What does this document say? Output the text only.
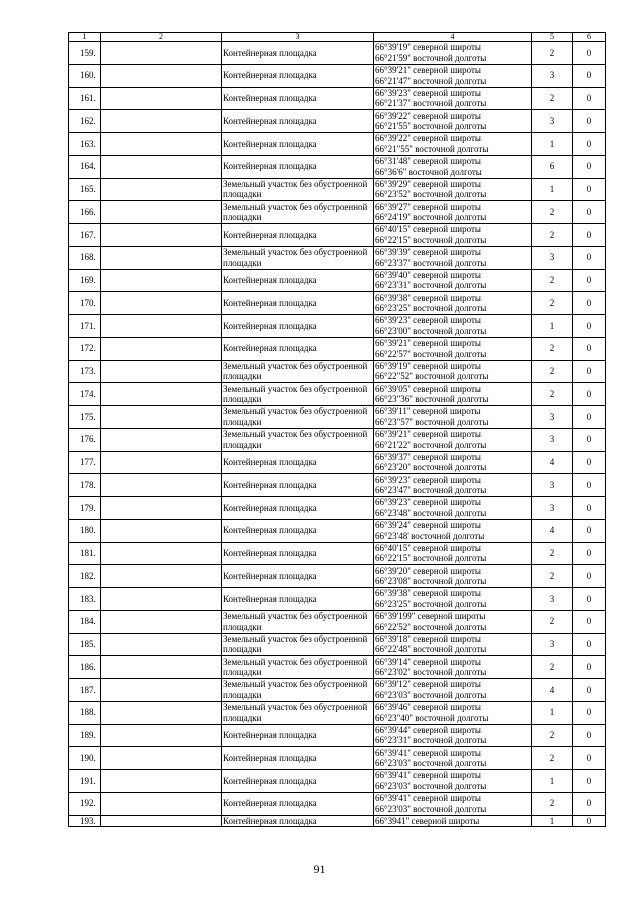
1	2	3	4	5	6
159.		Контейнерная площадка	66°39'19" северной широты
66°21'59" восточной долготы	2	0
160.		Контейнерная площадка	66°39'21" северной широты
66°21'47" восточной долготы	3	0
161.		Контейнерная площадка	66°39'23" северной широты
66°21'37" восточной долготы	2	0
162.		Контейнерная площадка	66°39'22" северной широты
66°21'55" восточной долготы	3	0
163.		Контейнерная площадка	66°39'22" северной широты
66°21"55" восточной долготы	1	0
164.		Контейнерная площадка	66°31'48" северной широты
66°36'6" восточной долготы	6	0
165.		Земельный участок без обустроенной площадки	66°39'29" северной широты
66°23'52" восточной долготы	1	0
166.		Земельный участок без обустроенной площадки	66°39'27" северной широты
66°24'19" восточной долготы	2	0
167.		Контейнерная площадка	66°40'15" северной широты
66°22'15" восточной долготы	2	0
168.		Земельный участок без обустроенной площадки	66°39'39" северной широты
66°23'37" восточной долготы	3	0
169.		Контейнерная площадка	66°39'40" северной широты
66°23'31" восточной долготы	2	0
170.		Контейнерная площадка	66°39'38" северной широты
66°23'25" восточной долготы	2	0
171.		Контейнерная площадка	66°39'23" северной широты
66°23'00" восточной долготы	1	0
172.		Контейнерная площадка	66°39'21" северной широты
66°22'57" восточной долготы	2	0
173.		Земельный участок без обустроенной площадки	66°39'19" северной широты
66°22"52" восточной долготы	2	0
174.		Земельный участок без обустроенной площадки	66°39'05" северной широты
66°23"36" восточной долготы	2	0
175.		Земельный участок без обустроенной площадки	66°39'11" северной широты
66°23"57" восточной долготы	3	0
176.		Земельный участок без обустроенной площадки	66°39'21" северной широты
66°21'22" восточной долготы	3	0
177.		Контейнерная площадка	66°39'37" северной широты
66°23'20" восточной долготы	4	0
178.		Контейнерная площадка	66°39'23" северной широты
66°23'47" восточной долготы	3	0
179.		Контейнерная площадка	66°39'23" северной широты
66°23'48" восточной долготы	3	0
180.		Контейнерная площадка	66°39'24" северной широты
66°23'48' восточной долготы	4	0
181.		Контейнерная площадка	66°40'15" северной широты
66°22'15" восточной долготы	2	0
182.		Контейнерная площадка	66°39'20" северной широты
66°23'08" восточной долготы	2	0
183.		Контейнерная площадка	66°39'38" северной широты
66°23'25" восточной долготы	3	0
184.		Земельный участок без обустроенной площадки	66°39'199" северной широты
66°22'52" восточной долготы	2	0
185.		Земельный участок без обустроенной площадки	66°39'18" северной широты
66°22'48" восточной долготы	3	0
186.		Земельный участок без обустроенной площадки	66°39'14" северной широты
66°23'02" восточной долготы	2	0
187.		Земельный участок без обустроенной площадки	66°39'12" северной широты
66°23'03" восточной долготы	4	0
188.		Земельный участок без обустроенной площадки	66°39'46" северной широты
66°23"40" восточной долготы	1	0
189.		Контейнерная площадка	66°39'44" северной широты
66°23'31" восточной долготы	2	0
190.		Контейнерная площадка	66°39'41" северной широты
66°23'03" восточной долготы	2	0
191.		Контейнерная площадка	66°39'41" северной широты
66°23'03" восточной долготы	1	0
192.		Контейнерная площадка	66°39'41" северной широты
66°23'03" восточной долготы	2	0
193.		Контейнерная площадка	66°3941" северной широты	1	0
91
